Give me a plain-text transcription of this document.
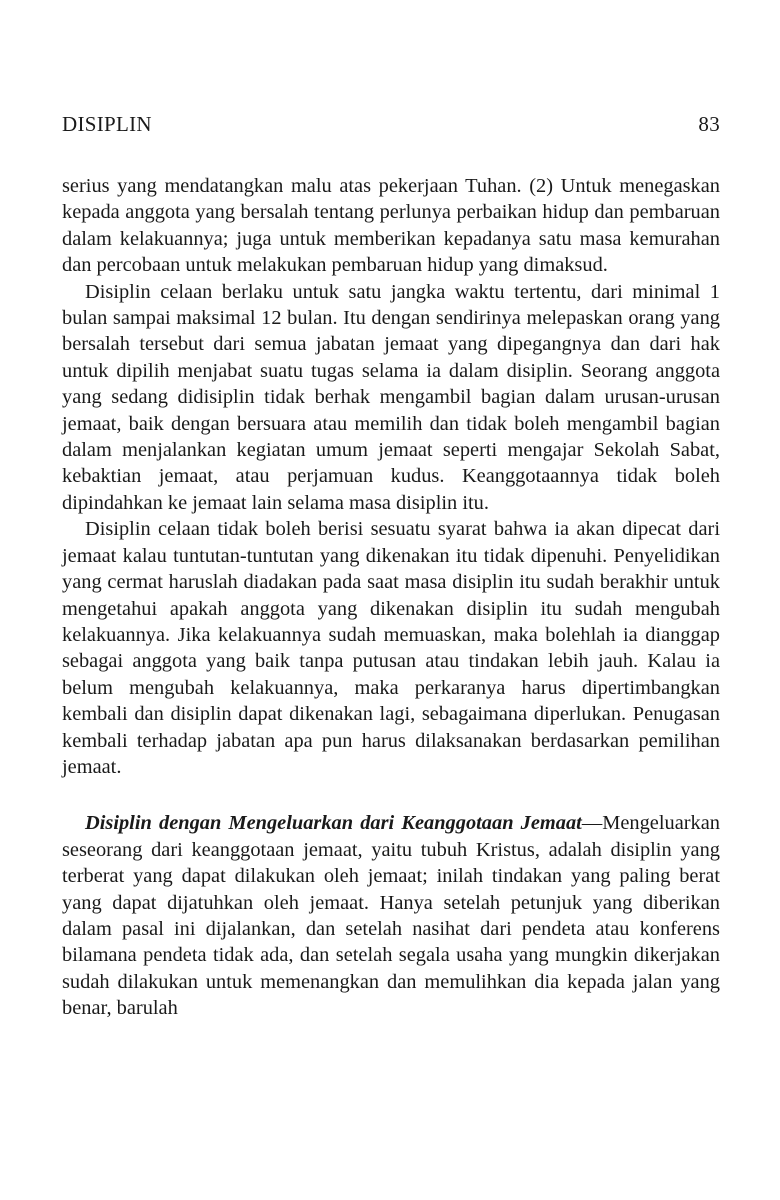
DISIPLIN	83

serius yang mendatangkan malu atas pekerjaan Tuhan. (2) Untuk menegaskan kepada anggota yang bersalah tentang perlunya perbaikan hidup dan pembaruan dalam kelakuannya; juga untuk memberikan kepadanya satu masa kemurahan dan percobaan untuk melakukan pembaruan hidup yang dimaksud.

Disiplin celaan berlaku untuk satu jangka waktu tertentu, dari minimal 1 bulan sampai maksimal 12 bulan. Itu dengan sendirinya melepaskan orang yang bersalah tersebut dari semua jabatan jemaat yang dipegangnya dan dari hak untuk dipilih menjabat suatu tugas selama ia dalam disiplin. Seorang anggota yang sedang didisiplin tidak berhak mengambil bagian dalam urusan-urusan jemaat, baik dengan bersuara atau memilih dan tidak boleh mengambil bagian dalam menjalankan kegiatan umum jemaat seperti mengajar Sekolah Sabat, kebaktian jemaat, atau perjamuan kudus. Keanggotaannya tidak boleh dipindahkan ke jemaat lain selama masa disiplin itu.

Disiplin celaan tidak boleh berisi sesuatu syarat bahwa ia akan dipecat dari jemaat kalau tuntutan-tuntutan yang dikenakan itu tidak dipenuhi. Penyelidikan yang cermat haruslah diadakan pada saat masa disiplin itu sudah berakhir untuk mengetahui apakah anggota yang dikenakan disiplin itu sudah mengubah kelakuannya. Jika kelakuannya sudah memuaskan, maka bolehlah ia dianggap sebagai anggota yang baik tanpa putusan atau tindakan lebih jauh. Kalau ia belum mengubah kelakuannya, maka perkaranya harus dipertimbangkan kembali dan disiplin dapat dikenakan lagi, sebagaimana diperlukan. Penugasan kembali terhadap jabatan apa pun harus dilaksanakan berdasarkan pemilihan jemaat.

Disiplin dengan Mengeluarkan dari Keanggotaan Jemaat—Mengeluarkan seseorang dari keanggotaan jemaat, yaitu tubuh Kristus, adalah disiplin yang terberat yang dapat dilakukan oleh jemaat; inilah tindakan yang paling berat yang dapat dijatuhkan oleh jemaat. Hanya setelah petunjuk yang diberikan dalam pasal ini dijalankan, dan setelah nasihat dari pendeta atau konferens bilamana pendeta tidak ada, dan setelah segala usaha yang mungkin dikerjakan sudah dilakukan untuk memenangkan dan memulihkan dia kepada jalan yang benar, barulah
